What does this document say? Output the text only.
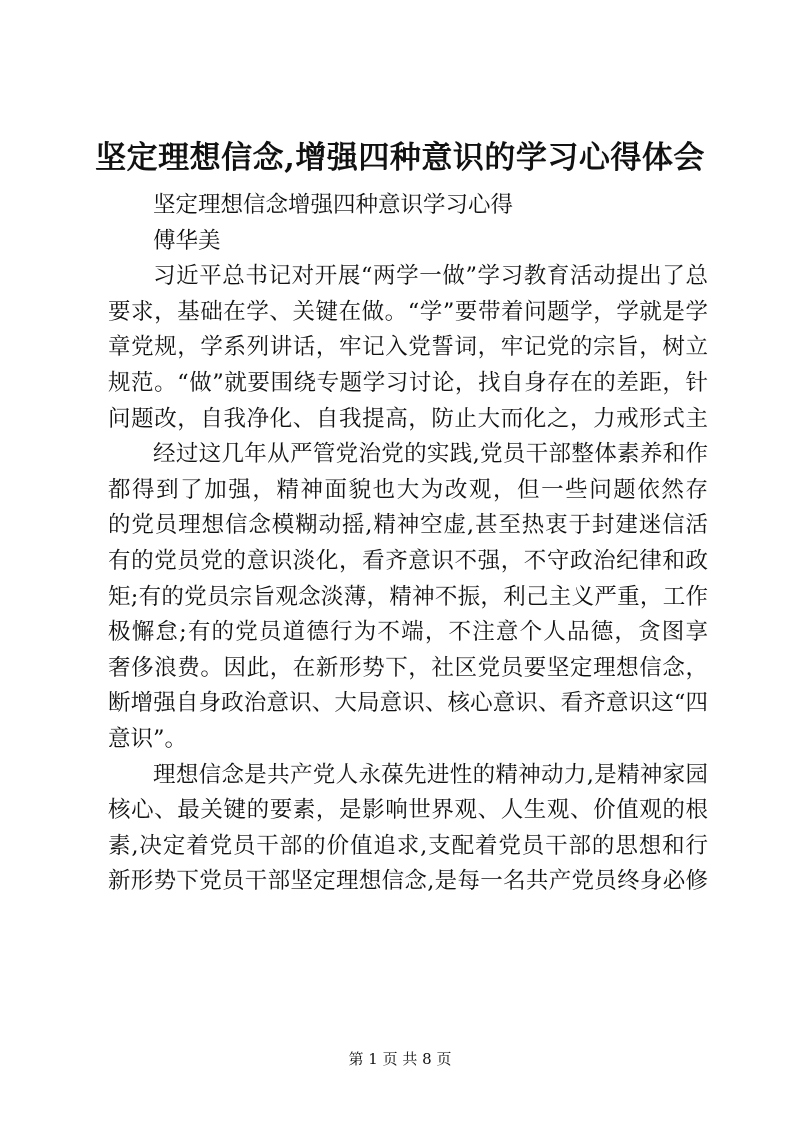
坚定理想信念,增强四种意识的学习心得体会
坚定理想信念增强四种意识学习心得
傅华美
习近平总书记对开展“两学一做”学习教育活动提出了总
要求，基础在学、关键在做。“学”要带着问题学，学就是学
章党规，学系列讲话，牢记入党誓词，牢记党的宗旨，树立
规范。“做”就要围绕专题学习讨论，找自身存在的差距，针
问题改，自我净化、自我提高，防止大而化之，力戒形式主
经过这几年从严管党治党的实践,党员干部整体素养和作
都得到了加强，精神面貌也大为改观，但一些问题依然存
的党员理想信念模糊动摇,精神空虚,甚至热衷于封建迷信活
有的党员党的意识淡化，看齐意识不强，不守政治纪律和政
矩;有的党员宗旨观念淡薄，精神不振，利己主义严重，工作
极懈怠;有的党员道德行为不端，不注意个人品德，贪图享
奢侈浪费。因此，在新形势下，社区党员要坚定理想信念，
断增强自身政治意识、大局意识、核心意识、看齐意识这“四
意识”。
理想信念是共产党人永葆先进性的精神动力,是精神家园
核心、最关键的要素，是影响世界观、人生观、价值观的根
素,决定着党员干部的价值追求,支配着党员干部的思想和行
新形势下党员干部坚定理想信念,是每一名共产党员终身必修
第 1 页 共 8 页
